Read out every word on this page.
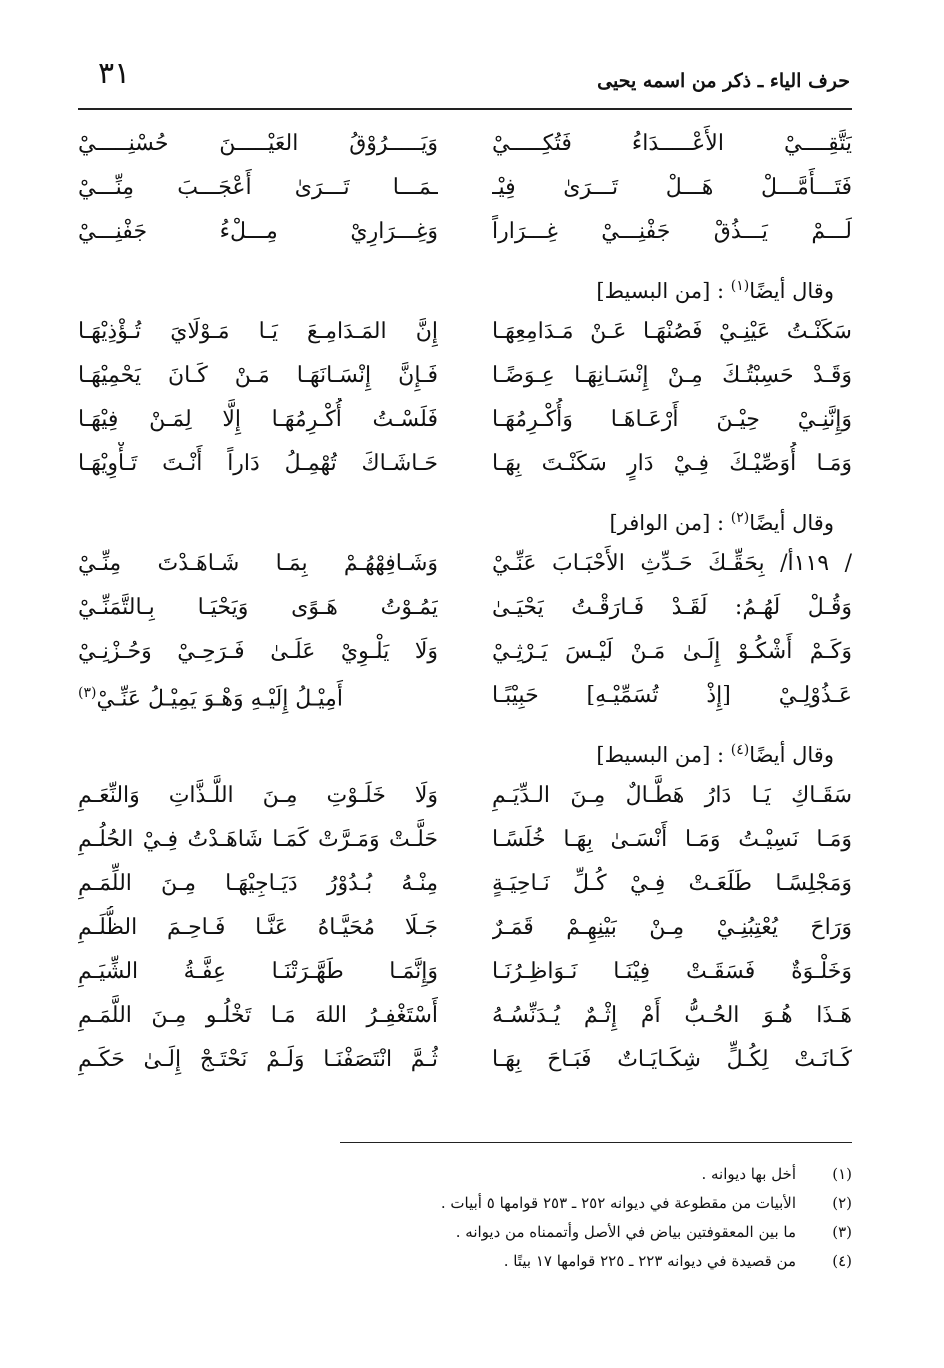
٣١	حرف الياء ـ ذكر من اسمه يحيى
يَتَّقِــــيْ الأَعْـــــدَاءُ فَتُكِـــــيْ
وَيَـــــرُوْقُ العَيْـــــنَ حُسْنِـــــيْ
فَتَـــأَمَّـــلْ هَـــلْ تَـــرَىٰ فِيْـ
ـمَـــا تَـــرَىٰ أَعْجَـــبَ مِنِّـــيْ
لَـــمْ يَـــذُقْ جَفْنِـــيْ غِـــرَاراً
وَغِـــرَارِيْ مِـــلْءُ جَفْنِـــيْ
وقال أيضًا$^{(١)}$ : [من البسيط]
سَكَنْـتُ عَيْنِـيْ فَصُنْهَـا عَـنْ مَـدَامِعِهَـا
إِنَّ المَـدَامِـعَ يَـا مَـوْلَايَ تُـؤْذِيْهَـا
وَقَـدْ حَسِبْتُـكَ مِـنْ إِنْسَـانِهَـا عِـوَضًـا
فَـإِنَّ إِنْسَـانَهَـا مَـنْ كَـانَ يَحْمِيْهَـا
وَإِنَّنِـيْ حِيْـنَ أَرْعَـاهَـا وَأُكْـرِمُهَـا
فَلَسْـتُ أُكْـرِمُهَـا إِلَّا لِمَـنْ فِيْهَـا
وَمَـا أُوَصِّيْـكَ فِـيْ دَارٍ سَكَنْـتَ بِهَـا
حَـاشَـاكَ تُهْمِـلُ دَاراً أَنْـتَ تَـأْوِيْهَـا
وقال أيضًا$^{(٢)}$ : [من الوافر]
/ ١١٩أ/ بِحَقِّـكَ حَـدِّثِ الأَحْبَـابَ عَنِّـيْ
وَشَـافِهْهُـمْ بِمَـا شَـاهَـدْتَ مِنِّـيْ
وَقُـلْ لَهُـمُ: لَقَـدْ فَـارَقْـتُ يَحْيَـىٰ
يَمُـوْتُ هَـوًى وَيَحْيَـا بِـالتَّمَنِّـيْ
وَكَـمْ أَشْكُـوْ إِلَـىٰ مَـنْ لَيْـسَ يَـرْثِـيْ
وَلَا يَلْـوِيْ عَلَـىٰ فَـرَحِـيْ وَحُـزْنِـيْ
عَـذُوْلِـيْ [إِذْ تُسَمِّيْـهِ] حَبِيْبًـا
أَمِيْـلُ إِلَيْـهِ وَهْـوَ يَمِيْـلُ عَنِّـيْ$^{(٣)}$
وقال أيضًا$^{(٤)}$ : [من البسيط]
سَقَـاكِ يَـا دَارُ هَطَّـالٌ مِـنَ الـدِّيَـمِ
وَلَا خَلَـوْتِ مِـنَ اللَّـذَّاتِ وَالنِّعَـمِ
وَمَـا نَسِيْـتُ وَمَـا أَنْسَـىٰ بِهَـا خُلَسًـا
حَلَّـتْ وَمَـرَّتْ كَمَـا شَاهَـدْتُ فِـيْ الحُلُـمِ
وَمَجْلِسًـا طَلَعَـتْ فِـيْ كُـلِّ نَـاحِيَـةٍ
مِنْـهُ بُـدُوْرُ دَيَـاجِيْهَـا مِـنَ اللِّمَـمِ
وَرَاحَ يُعْتِبُنِـيْ مِـنْ بَيْنِهِـمْ قَمَـرٌ
جَـلَا مُحَيَّـاهُ عَنَّـا فَـاحِـمَ الظُّلَـمِ
وَخَلْـوَةٌ فَسَقَـتْ فِيْنَـا نَـوَاظِـرُنَـا
وَإِنَّمَـا طَهَّـرَتْنَـا عِفَّـةُ الشِّيَـمِ
هَـذَا هُـوَ الحُـبُّ أَمْ إِثْـمٌ يُـدَنِّسُـهُ
أَسْتَغْفِـرُ اللهَ مَـا تَخْلُـو مِـنَ اللَّمَـمِ
كَـانَـتْ لِكُـلٍّ شِكَـايَـاتٌ فَبَـاحَ بِهَـا
ثُـمَّ انْتَصَفْنَـا وَلَـمْ نَحْتَـجْ إِلَـىٰ حَكَـمِ
(١)
أخل بها ديوانه .
(٢)
الأبيات من مقطوعة في ديوانه ٢٥٢ ـ ٢٥٣ قوامها ٥ أبيات .
(٣)
ما بين المعقوفتين بياض في الأصل وأتممناه من ديوانه .
(٤)
من قصيدة في ديوانه ٢٢٣ ـ ٢٢٥ قوامها ١٧ بيتًا .
